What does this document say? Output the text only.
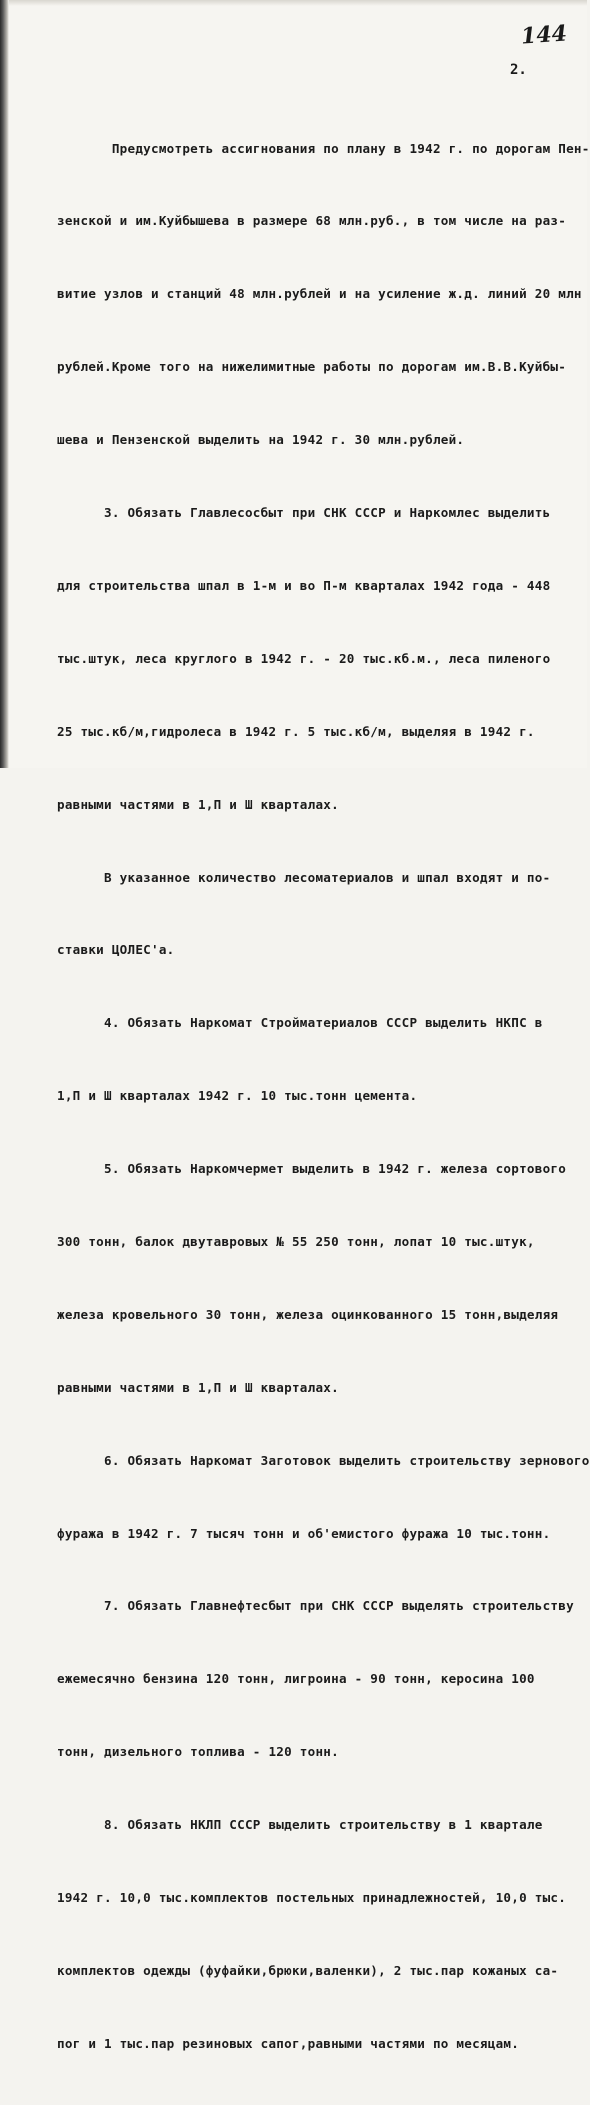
144
2.

Предусмотреть ассигнования по плану в 1942 г. по дорогам Пен-

зенской и им.Куйбышева в размере 68 млн.руб., в том числе на раз-

витие узлов и станций 48 млн.рублей и на усиление ж.д. линий 20 млн

рублей.Кроме того на нижелимитные работы по дорогам им.В.В.Куйбы-

шева и Пензенской выделить на 1942 г. 30 млн.рублей.

3. Обязать Главлесосбыт при СНК СССР и Наркомлес выделить

для строительства шпал в 1-м и во П-м кварталах 1942 года - 448

тыс.штук, леса круглого в 1942 г. - 20 тыс.кб.м., леса пиленого

25 тыс.кб/м,гидролеса в 1942 г. 5 тыс.кб/м, выделяя в 1942 г.

равными частями в 1,П и Ш кварталах.

В указанное количество лесоматериалов и шпал входят и по-

ставки ЦОЛЕС'а.

4. Обязать Наркомат Стройматериалов СССР выделить НКПС в

1,П и Ш кварталах 1942 г. 10 тыс.тонн цемента.

5. Обязать Наркомчермет выделить в 1942 г. железа сортового

300 тонн, балок двутавровых № 55 250 тонн, лопат 10 тыс.штук,

железа кровельного 30 тонн, железа оцинкованного 15 тонн,выделяя

равными частями в 1,П и Ш кварталах.

6. Обязать Наркомат Заготовок выделить строительству зернового

фуража в 1942 г. 7 тысяч тонн и об'емистого фуража 10 тыс.тонн.

7. Обязать Главнефтесбыт при СНК СССР выделять строительству

ежемесячно бензина 120 тонн, лигроина - 90 тонн, керосина 100

тонн, дизельного топлива - 120 тонн.

8. Обязать НКЛП СССР выделить строительству в 1 квартале

1942 г. 10,0 тыс.комплектов постельных принадлежностей, 10,0 тыс.

комплектов одежды (фуфайки,брюки,валенки), 2 тыс.пар кожаных са-

пог и 1 тыс.пар резиновых сапог,равными частями по месяцам.
